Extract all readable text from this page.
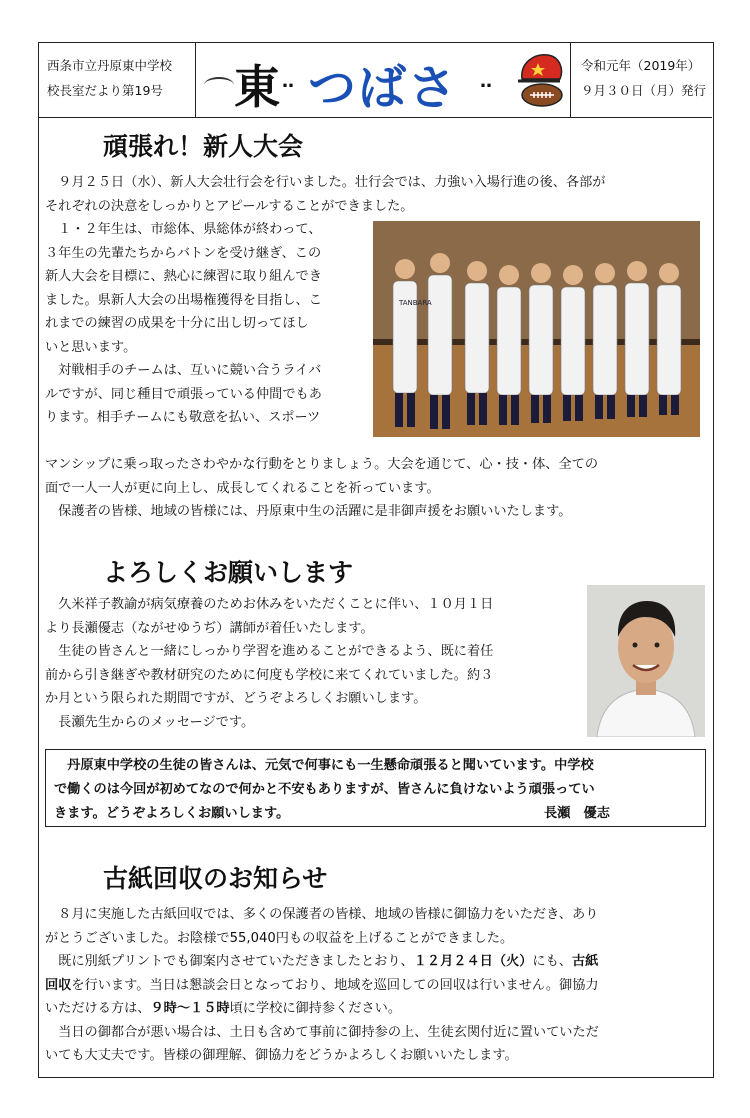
西条市立丹原東中学校
校長室だより第19号	東 ‥ つばさ ‥
令和元年（2019年）
９月３０日（月）発行
頑張れ！新人大会
　９月２５日（水）、新人大会壮行会を行いました。壮行会では、力強い入場行進の後、各部が
それぞれの決意をしっかりとアピールすることができました。
　１・２年生は、市総体、県総体が終わって、
３年生の先輩たちからバトンを受け継ぎ、この
新人大会を目標に、熱心に練習に取り組んでき
ました。県新人大会の出場権獲得を目指し、こ
れまでの練習の成果を十分に出し切ってほし
いと思います。
　対戦相手のチームは、互いに競い合うライバ
ルですが、同じ種目で頑張っている仲間でもあ
ります。相手チームにも敬意を払い、スポーツ
マンシップに乗っ取ったさわやかな行動をとりましょう。大会を通じて、心・技・体、全ての
面で一人一人が更に向上し、成長してくれることを祈っています。
　保護者の皆様、地域の皆様には、丹原東中生の活躍に是非御声援をお願いいたします。
TANBARA
よろしくお願いします
　久米祥子教諭が病気療養のためお休みをいただくことに伴い、１０月１日
より長瀬優志（ながせゆうぢ）講師が着任いたします。
　生徒の皆さんと一緒にしっかり学習を進めることができるよう、既に着任
前から引き継ぎや教材研究のために何度も学校に来てくれていました。約３
か月という限られた期間ですが、どうぞよろしくお願いします。
　長瀬先生からのメッセージです。
　丹原東中学校の生徒の皆さんは、元気で何事にも一生懸命頑張ると聞いています。中学校
で働くのは今回が初めてなので何かと不安もありますが、皆さんに負けないよう頑張ってい
きます。どうぞよろしくお願いします。	長瀬　優志
古紙回収のお知らせ
　８月に実施した古紙回収では、多くの保護者の皆様、地域の皆様に御協力をいただき、あり
がとうございました。お陰様で55,040円もの収益を上げることができました。
　既に別紙プリントでも御案内させていただきましたとおり、１２月２４日（火）にも、古紙
回収を行います。当日は懇談会日となっており、地域を巡回しての回収は行いません。御協力
いただける方は、９時～１５時頃に学校に御持参ください。
　当日の御都合が悪い場合は、土日も含めて事前に御持参の上、生徒玄関付近に置いていただ
いても大丈夫です。皆様の御理解、御協力をどうかよろしくお願いいたします。
